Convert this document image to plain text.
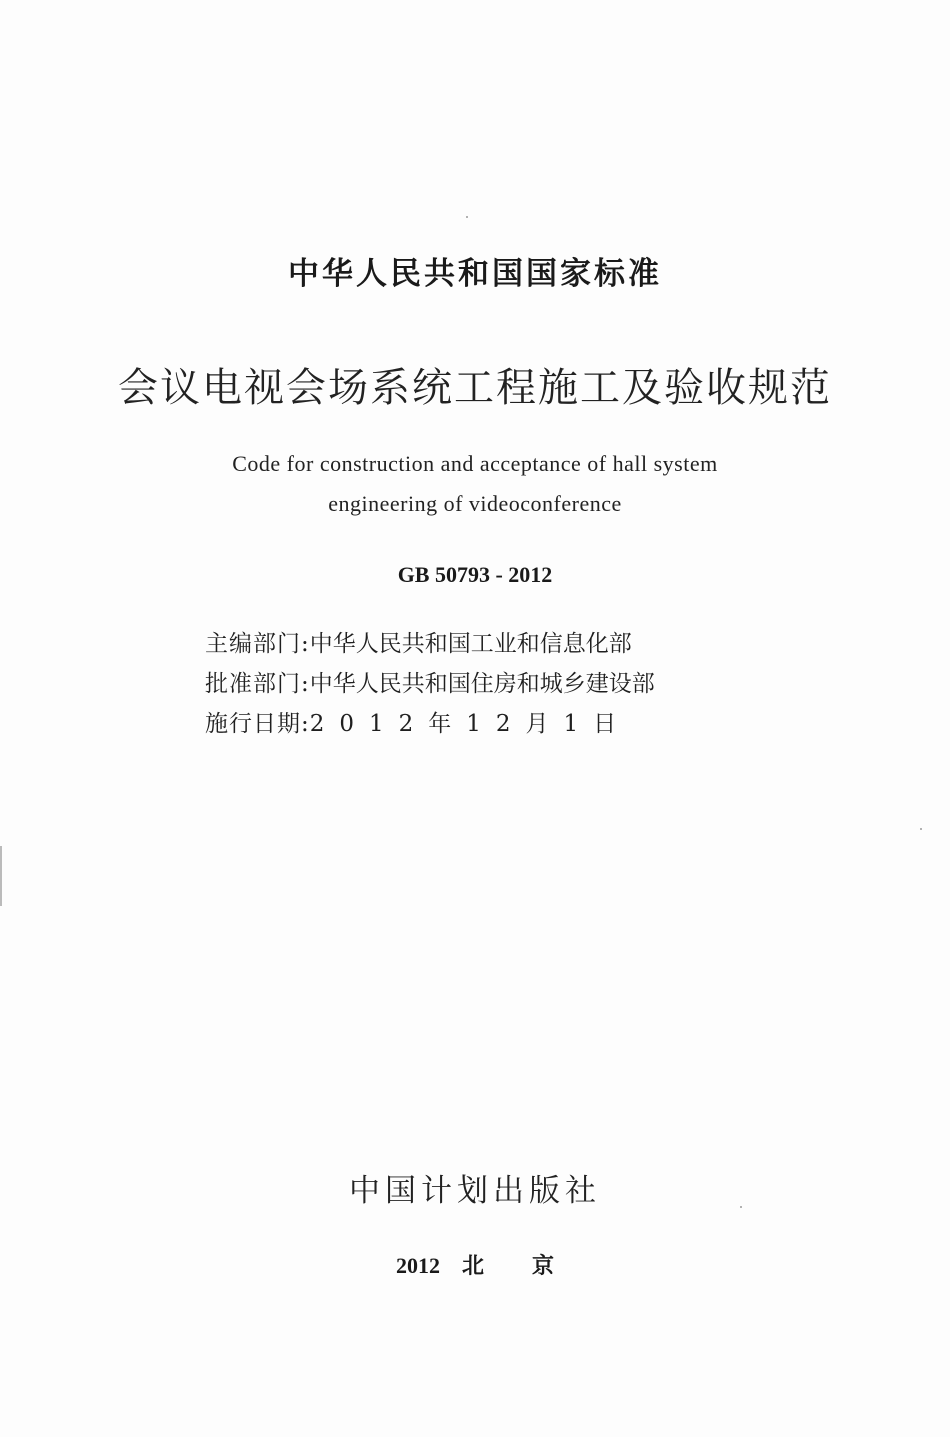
中华人民共和国国家标准
会议电视会场系统工程施工及验收规范
Code for construction and acceptance of hall system
engineering of videoconference
GB 50793 - 2012
主编部门:中华人民共和国工业和信息化部
批准部门:中华人民共和国住房和城乡建设部
施行日期:2012年12月1日
中国计划出版社
2012 北京
